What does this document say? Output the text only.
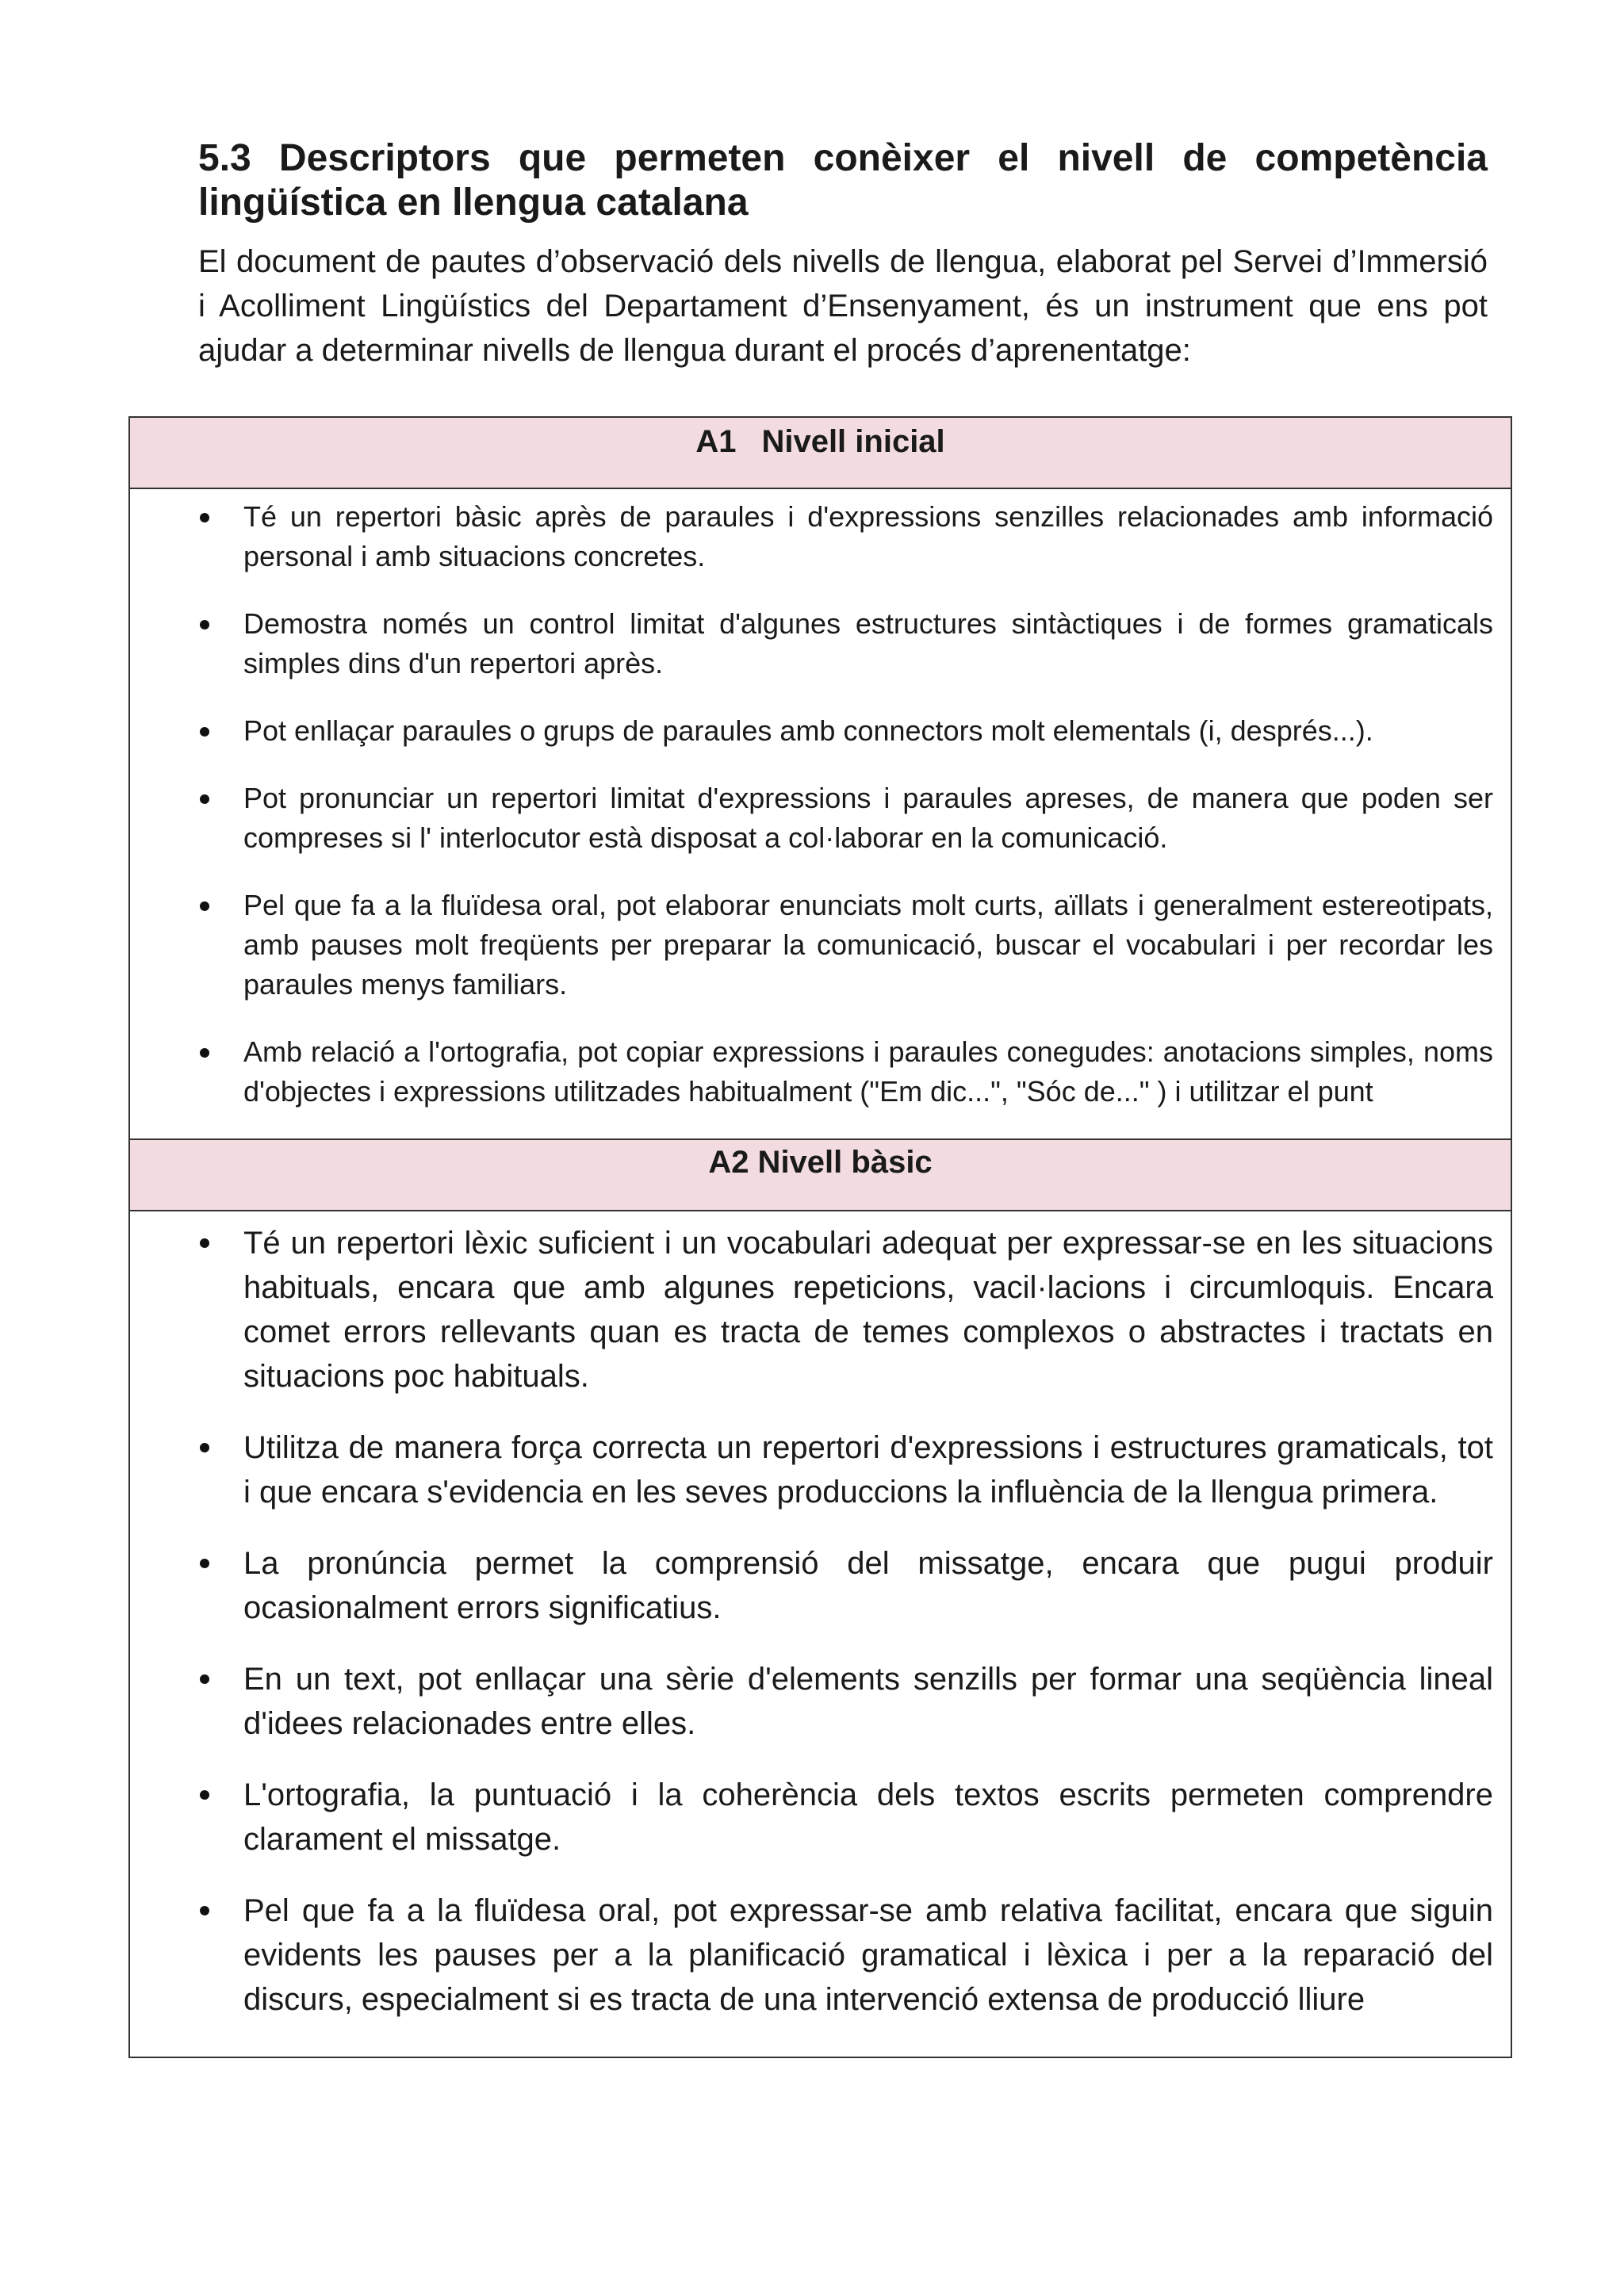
5.3 Descriptors que permeten conèixer el nivell de competència
lingüística en llengua catalana

El document de pautes d’observació dels nivells de llengua, elaborat pel Servei d’Immersió i Acolliment Lingüístics del Departament d’Ensenyament, és un instrument que ens pot ajudar a determinar nivells de llengua durant el procés d’aprenentatge:

A1 Nivell inicial
Té un repertori bàsic après de paraules i d'expressions senzilles relacionades amb informació personal i amb situacions concretes.
Demostra només un control limitat d'algunes estructures sintàctiques i de formes gramaticals simples dins d'un repertori après.
Pot enllaçar paraules o grups de paraules amb connectors molt elementals (i, després...).
Pot pronunciar un repertori limitat d'expressions i paraules apreses, de manera que poden ser compreses si l' interlocutor està disposat a col·laborar en la comunicació.
Pel que fa a la fluïdesa oral, pot elaborar enunciats molt curts, aïllats i generalment estereotipats, amb pauses molt freqüents per preparar la comunicació, buscar el vocabulari i per recordar les paraules menys familiars.
Amb relació a l'ortografia, pot copiar expressions i paraules conegudes: anotacions simples, noms d'objectes i expressions utilitzades habitualment ("Em dic...", "Sóc de..." ) i utilitzar el punt
A2 Nivell bàsic
Té un repertori lèxic suficient i un vocabulari adequat per expressar-se en les situacions habituals, encara que amb algunes repeticions, vacil·lacions i circumloquis. Encara comet errors rellevants quan es tracta de temes complexos o abstractes i tractats en situacions poc habituals.
Utilitza de manera força correcta un repertori d'expressions i estructures gramaticals, tot i que encara s'evidencia en les seves produccions la influència de la llengua primera.
La pronúncia permet la comprensió del missatge, encara que pugui produir ocasionalment errors significatius.
En un text, pot enllaçar una sèrie d'elements senzills per formar una seqüència lineal d'idees relacionades entre elles.
L'ortografia, la puntuació i la coherència dels textos escrits permeten comprendre clarament el missatge.
Pel que fa a la fluïdesa oral, pot expressar-se amb relativa facilitat, encara que siguin evidents les pauses per a la planificació gramatical i lèxica i per a la reparació del discurs, especialment si es tracta de una intervenció extensa de producció lliure
